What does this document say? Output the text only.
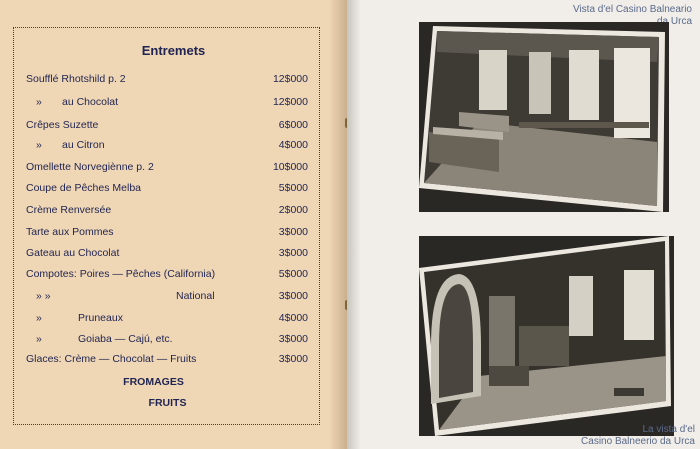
Entremets
Soufflé Rhotshild p. 2	12$000
» au Chocolat	12$000
Crêpes Suzette	6$000
» au Citron	4$000
Omellette Norvegiènne p. 2	10$000
Coupe de Pêches Melba	5$000
Crème Renversée	2$000
Tarte aux Pommes	3$000
Gateau au Chocolat	3$000
Compotes: Poires — Pêches (California)	5$000
» »	National	3$000
»	Pruneaux	4$000
»	Goiaba — Cajú, etc.	3$000
Glaces: Crème — Chocolat — Fruits	3$000
FROMAGES
FRUITS
Vista d'el Casino Balneario
da Urca
La vista d'el
Casino Balneerio da Urca
